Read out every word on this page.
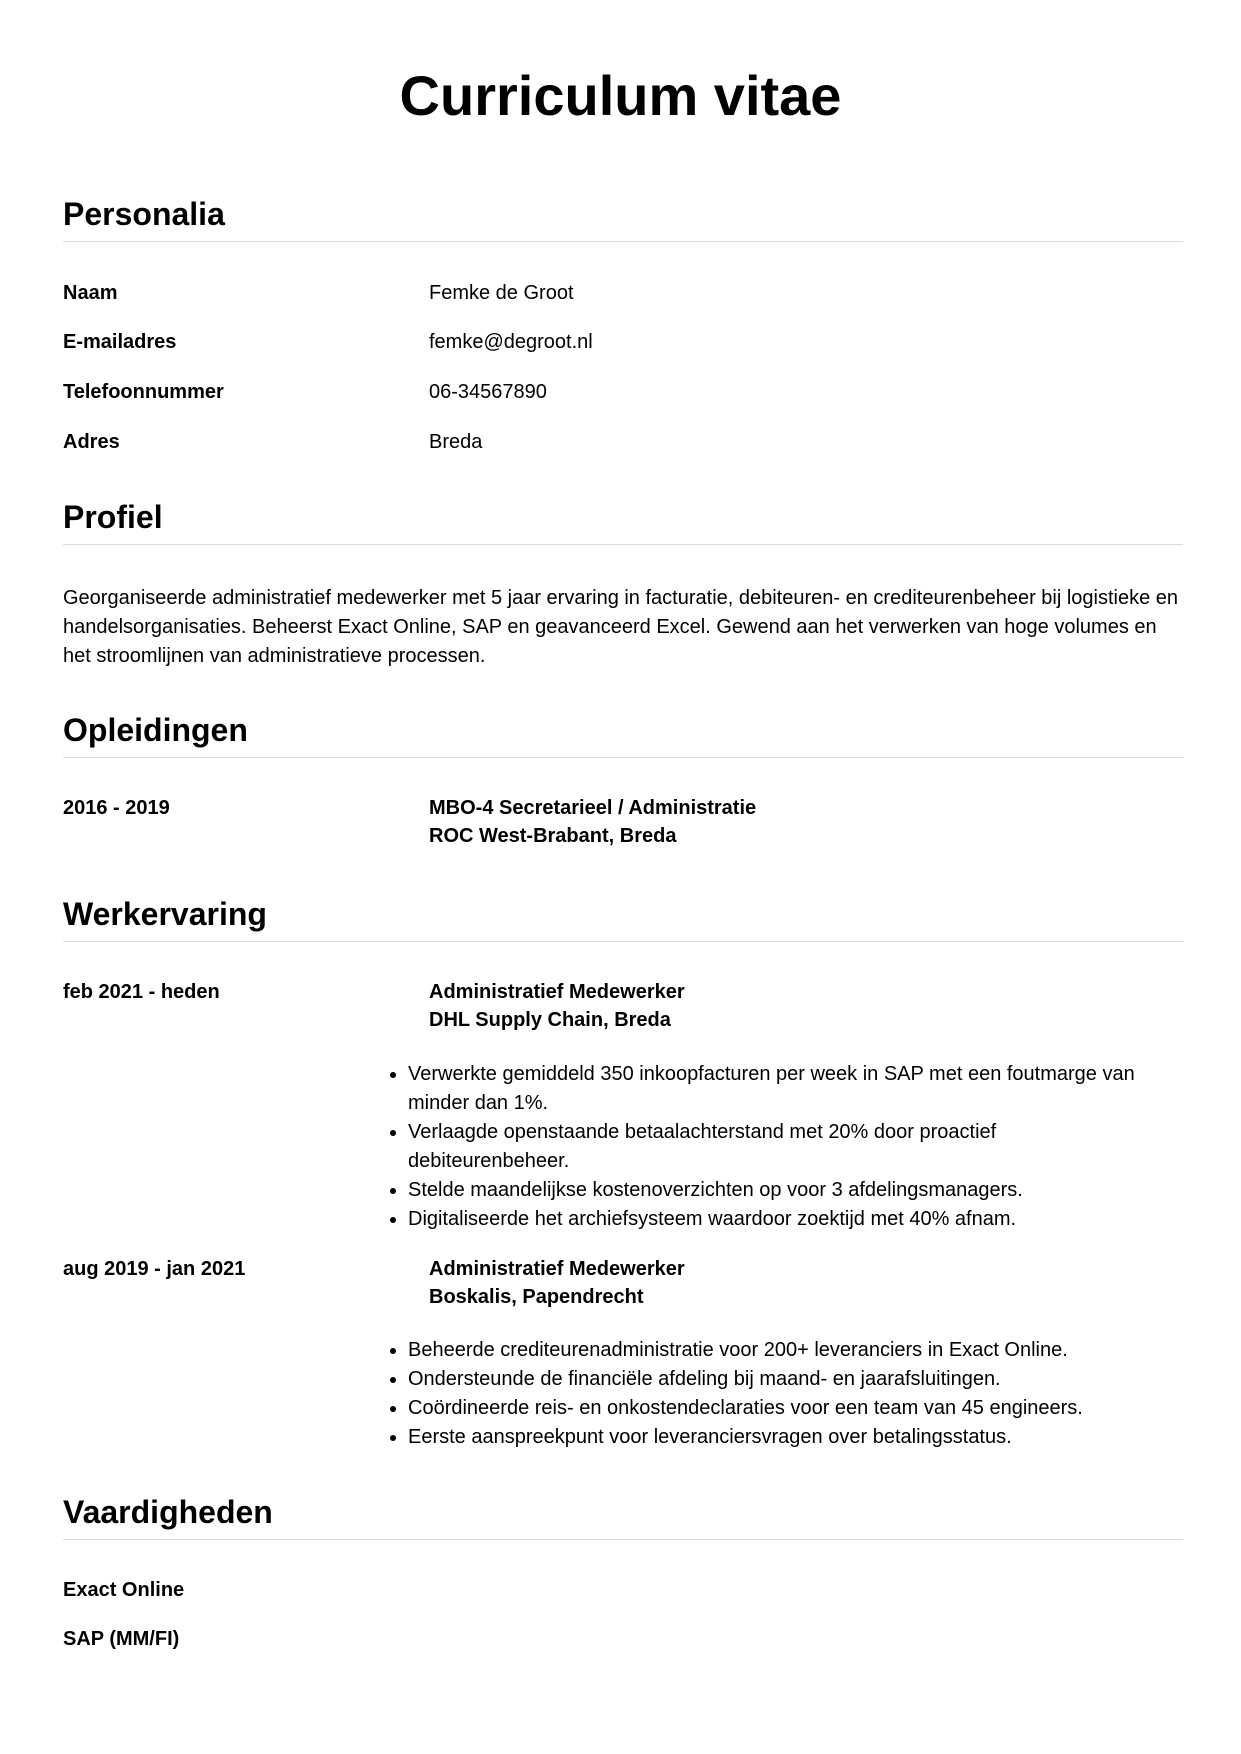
Curriculum vitae
Personalia
Naam	Femke de Groot
E-mailadres	femke@degroot.nl
Telefoonnummer	06-34567890
Adres	Breda
Profiel

Georganiseerde administratief medewerker met 5 jaar ervaring in facturatie, debiteuren- en crediteurenbeheer bij logistieke en handelsorganisaties. Beheerst Exact Online, SAP en geavanceerd Excel. Gewend aan het verwerken van hoge volumes en het stroomlijnen van administratieve processen.

Opleidingen
2016 - 2019	MBO-4 Secretarieel / Administratie
ROC West-Brabant, Breda
Werkervaring
feb 2021 - heden	Administratief Medewerker
DHL Supply Chain, Breda
• Verwerkte gemiddeld 350 inkoopfacturen per week in SAP met een foutmarge van minder dan 1%.
• Verlaagde openstaande betaalachterstand met 20% door proactief debiteurenbeheer.
• Stelde maandelijkse kostenoverzichten op voor 3 afdelingsmanagers.
• Digitaliseerde het archiefsysteem waardoor zoektijd met 40% afnam.
aug 2019 - jan 2021	Administratief Medewerker
Boskalis, Papendrecht
• Beheerde crediteurenadministratie voor 200+ leveranciers in Exact Online.
• Ondersteunde de financiële afdeling bij maand- en jaarafsluitingen.
• Coördineerde reis- en onkostendeclaraties voor een team van 45 engineers.
• Eerste aanspreekpunt voor leveranciersvragen over betalingsstatus.
Vaardigheden
Exact Online
SAP (MM/FI)
